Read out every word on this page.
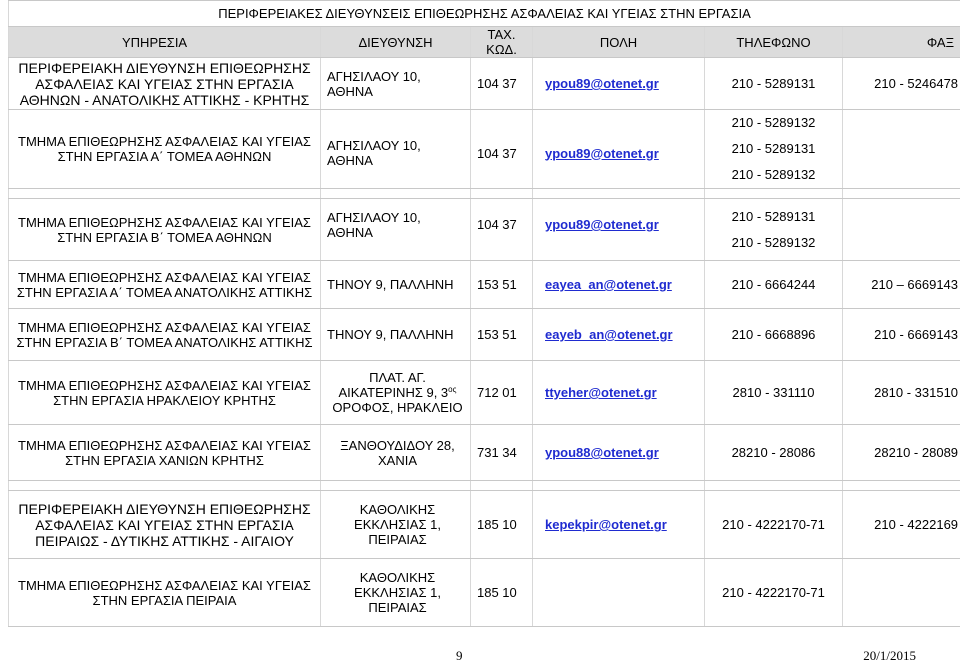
ΠΕΡΙΦΕΡΕΙΑΚΕΣ ΔΙΕΥΘΥΝΣΕΙΣ ΕΠΙΘΕΩΡΗΣΗΣ ΑΣΦΑΛΕΙΑΣ ΚΑΙ ΥΓΕΙΑΣ ΣΤΗΝ ΕΡΓΑΣΙΑ					
ΥΠΗΡΕΣΙΑ	ΔΙΕΥΘΥΝΣΗ	ΤΑΧ. ΚΩΔ.	ΠΟΛΗ	ΤΗΛΕΦΩΝΟ	ΦΑΞ
ΠΕΡΙΦΕΡΕΙΑΚΗ ΔΙΕΥΘΥΝΣΗ ΕΠΙΘΕΩΡΗΣΗΣ ΑΣΦΑΛΕΙΑΣ ΚΑΙ ΥΓΕΙΑΣ ΣΤΗΝ ΕΡΓΑΣΙΑ ΑΘΗΝΩΝ - ΑΝΑΤΟΛΙΚΗΣ ΑΤΤΙΚΗΣ - ΚΡΗΤΗΣ	ΑΓΗΣΙΛΑΟΥ 10, ΑΘΗΝΑ	104 37	ypou89@otenet.gr	210 - 5289131	210 - 5246478
ΤΜΗΜΑ ΕΠΙΘΕΩΡΗΣΗΣ ΑΣΦΑΛΕΙΑΣ ΚΑΙ ΥΓΕΙΑΣ ΣΤΗΝ ΕΡΓΑΣΙΑ Α΄ ΤΟΜΕΑ ΑΘΗΝΩΝ	ΑΓΗΣΙΛΑΟΥ 10, ΑΘΗΝΑ	104 37	ypou89@otenet.gr	210 - 5289132
210 - 5289131
210 - 5289132	

ΤΜΗΜΑ ΕΠΙΘΕΩΡΗΣΗΣ ΑΣΦΑΛΕΙΑΣ ΚΑΙ ΥΓΕΙΑΣ ΣΤΗΝ ΕΡΓΑΣΙΑ Β΄ ΤΟΜΕΑ ΑΘΗΝΩΝ	ΑΓΗΣΙΛΑΟΥ 10, ΑΘΗΝΑ	104 37	ypou89@otenet.gr	210 - 5289131
210 - 5289132	

ΤΜΗΜΑ ΕΠΙΘΕΩΡΗΣΗΣ ΑΣΦΑΛΕΙΑΣ ΚΑΙ ΥΓΕΙΑΣ ΣΤΗΝ ΕΡΓΑΣΙΑ Α΄ ΤΟΜΕΑ ΑΝΑΤΟΛΙΚΗΣ ΑΤΤΙΚΗΣ	ΤΗΝΟΥ 9, ΠΑΛΛΗΝΗ	153 51	eayea_an@otenet.gr	210 - 6664244	210 – 6669143
ΤΜΗΜΑ ΕΠΙΘΕΩΡΗΣΗΣ ΑΣΦΑΛΕΙΑΣ ΚΑΙ ΥΓΕΙΑΣ ΣΤΗΝ ΕΡΓΑΣΙΑ Β΄ ΤΟΜΕΑ ΑΝΑΤΟΛΙΚΗΣ ΑΤΤΙΚΗΣ	ΤΗΝΟΥ 9, ΠΑΛΛΗΝΗ	153 51	eayeb_an@otenet.gr	210 - 6668896	210 - 6669143
ΤΜΗΜΑ ΕΠΙΘΕΩΡΗΣΗΣ ΑΣΦΑΛΕΙΑΣ ΚΑΙ ΥΓΕΙΑΣ ΣΤΗΝ ΕΡΓΑΣΙΑ ΗΡΑΚΛΕΙΟΥ ΚΡΗΤΗΣ	ΠΛΑΤ. ΑΓ.
ΑΙΚΑΤΕΡΙΝΗΣ 9, $3^{o\varsigma}$
ΟΡΟΦΟΣ, ΗΡΑΚΛΕΙΟ	712 01	ttyeher@otenet.gr	2810 - 331110	2810 - 331510
ΤΜΗΜΑ ΕΠΙΘΕΩΡΗΣΗΣ ΑΣΦΑΛΕΙΑΣ ΚΑΙ ΥΓΕΙΑΣ ΣΤΗΝ ΕΡΓΑΣΙΑ ΧΑΝΙΩΝ ΚΡΗΤΗΣ	ΞΑΝΘΟΥΔΙΔΟΥ 28,
ΧΑΝΙΑ	731 34	ypou88@otenet.gr	28210 - 28086	28210 - 28089

ΠΕΡΙΦΕΡΕΙΑΚΗ ΔΙΕΥΘΥΝΣΗ ΕΠΙΘΕΩΡΗΣΗΣ ΑΣΦΑΛΕΙΑΣ ΚΑΙ ΥΓΕΙΑΣ ΣΤΗΝ ΕΡΓΑΣΙΑ ΠΕΙΡΑΙΩΣ - ΔΥΤΙΚΗΣ ΑΤΤΙΚΗΣ - ΑΙΓΑΙΟΥ	ΚΑΘΟΛΙΚΗΣ
ΕΚΚΛΗΣΙΑΣ 1,
ΠΕΙΡΑΙΑΣ	185 10	kepekpir@otenet.gr	210 - 4222170-71	210 - 4222169
ΤΜΗΜΑ ΕΠΙΘΕΩΡΗΣΗΣ ΑΣΦΑΛΕΙΑΣ ΚΑΙ ΥΓΕΙΑΣ ΣΤΗΝ ΕΡΓΑΣΙΑ ΠΕΙΡΑΙΑ	ΚΑΘΟΛΙΚΗΣ
ΕΚΚΛΗΣΙΑΣ 1,
ΠΕΙΡΑΙΑΣ	185 10		210 - 4222170-71	
9	20/1/2015
